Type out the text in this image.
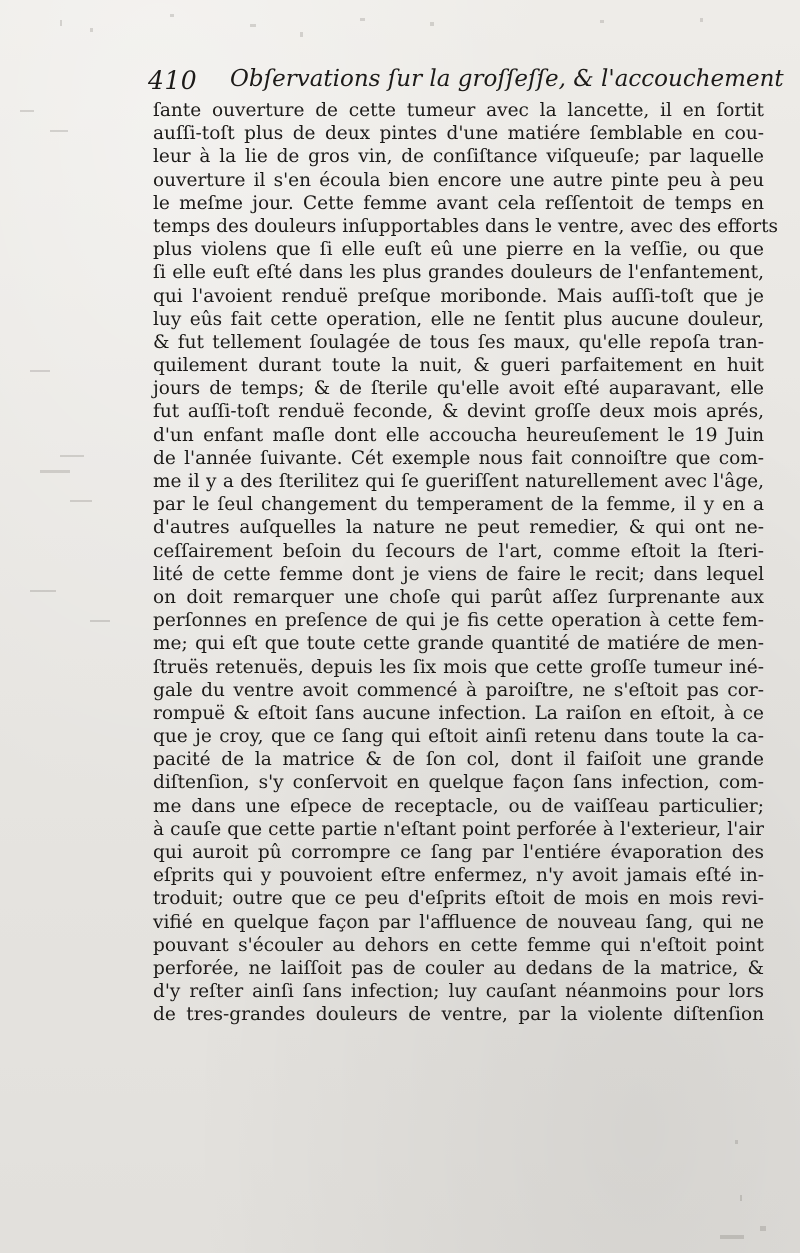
410 Obſervations ſur la groſſeſſe, & l'accouchement
ſante ouverture de cette tumeur avec la lancette, il en ſortit
auſſi-toſt plus de deux pintes d'une matiére ſemblable en cou-
leur à la lie de gros vin, de conſiſtance viſqueuſe; par laquelle
ouverture il s'en écoula bien encore une autre pinte peu à peu
le meſme jour. Cette femme avant cela reſſentoit de temps en
temps des douleurs inſupportables dans le ventre, avec des efforts
plus violens que ſi elle euſt eû une pierre en la veſſie, ou que
ſi elle euſt eſté dans les plus grandes douleurs de l'enfantement,
qui l'avoient renduë preſque moribonde. Mais auſſi-toſt que je
luy eûs fait cette operation, elle ne ſentit plus aucune douleur,
& fut tellement ſoulagée de tous ſes maux, qu'elle repoſa tran-
quilement durant toute la nuit, & gueri parfaitement en huit
jours de temps; & de ſterile qu'elle avoit eſté auparavant, elle
fut auſſi-toſt renduë feconde, & devint groſſe deux mois aprés,
d'un enfant maſle dont elle accoucha heureuſement le 19 Juin
de l'année ſuivante. Cét exemple nous fait connoiſtre que com-
me il y a des ſterilitez qui ſe gueriſſent naturellement avec l'âge,
par le ſeul changement du temperament de la femme, il y en a
d'autres auſquelles la nature ne peut remedier, & qui ont ne-
ceſſairement beſoin du ſecours de l'art, comme eſtoit la ſteri-
lité de cette femme dont je viens de faire le recit; dans lequel
on doit remarquer une choſe qui parût aſſez ſurprenante aux
perſonnes en preſence de qui je fis cette operation à cette fem-
me; qui eſt que toute cette grande quantité de matiére de men-
ſtruës retenuës, depuis les ſix mois que cette groſſe tumeur iné-
gale du ventre avoit commencé à paroiſtre, ne s'eſtoit pas cor-
rompuë & eſtoit ſans aucune infection. La raiſon en eſtoit, à ce
que je croy, que ce ſang qui eſtoit ainſi retenu dans toute la ca-
pacité de la matrice & de ſon col, dont il faiſoit une grande
diſtenſion, s'y conſervoit en quelque façon ſans infection, com-
me dans une eſpece de receptacle, ou de vaiſſeau particulier;
à cauſe que cette partie n'eſtant point perforée à l'exterieur, l'air
qui auroit pû corrompre ce ſang par l'entiére évaporation des
eſprits qui y pouvoient eſtre enfermez, n'y avoit jamais eſté in-
troduit; outre que ce peu d'eſprits eſtoit de mois en mois revi-
vifié en quelque façon par l'affluence de nouveau ſang, qui ne
pouvant s'écouler au dehors en cette femme qui n'eſtoit point
perforée, ne laiſſoit pas de couler au dedans de la matrice, &
d'y reſter ainſi ſans infection; luy cauſant néanmoins pour lors
de tres-grandes douleurs de ventre, par la violente diſtenſion
